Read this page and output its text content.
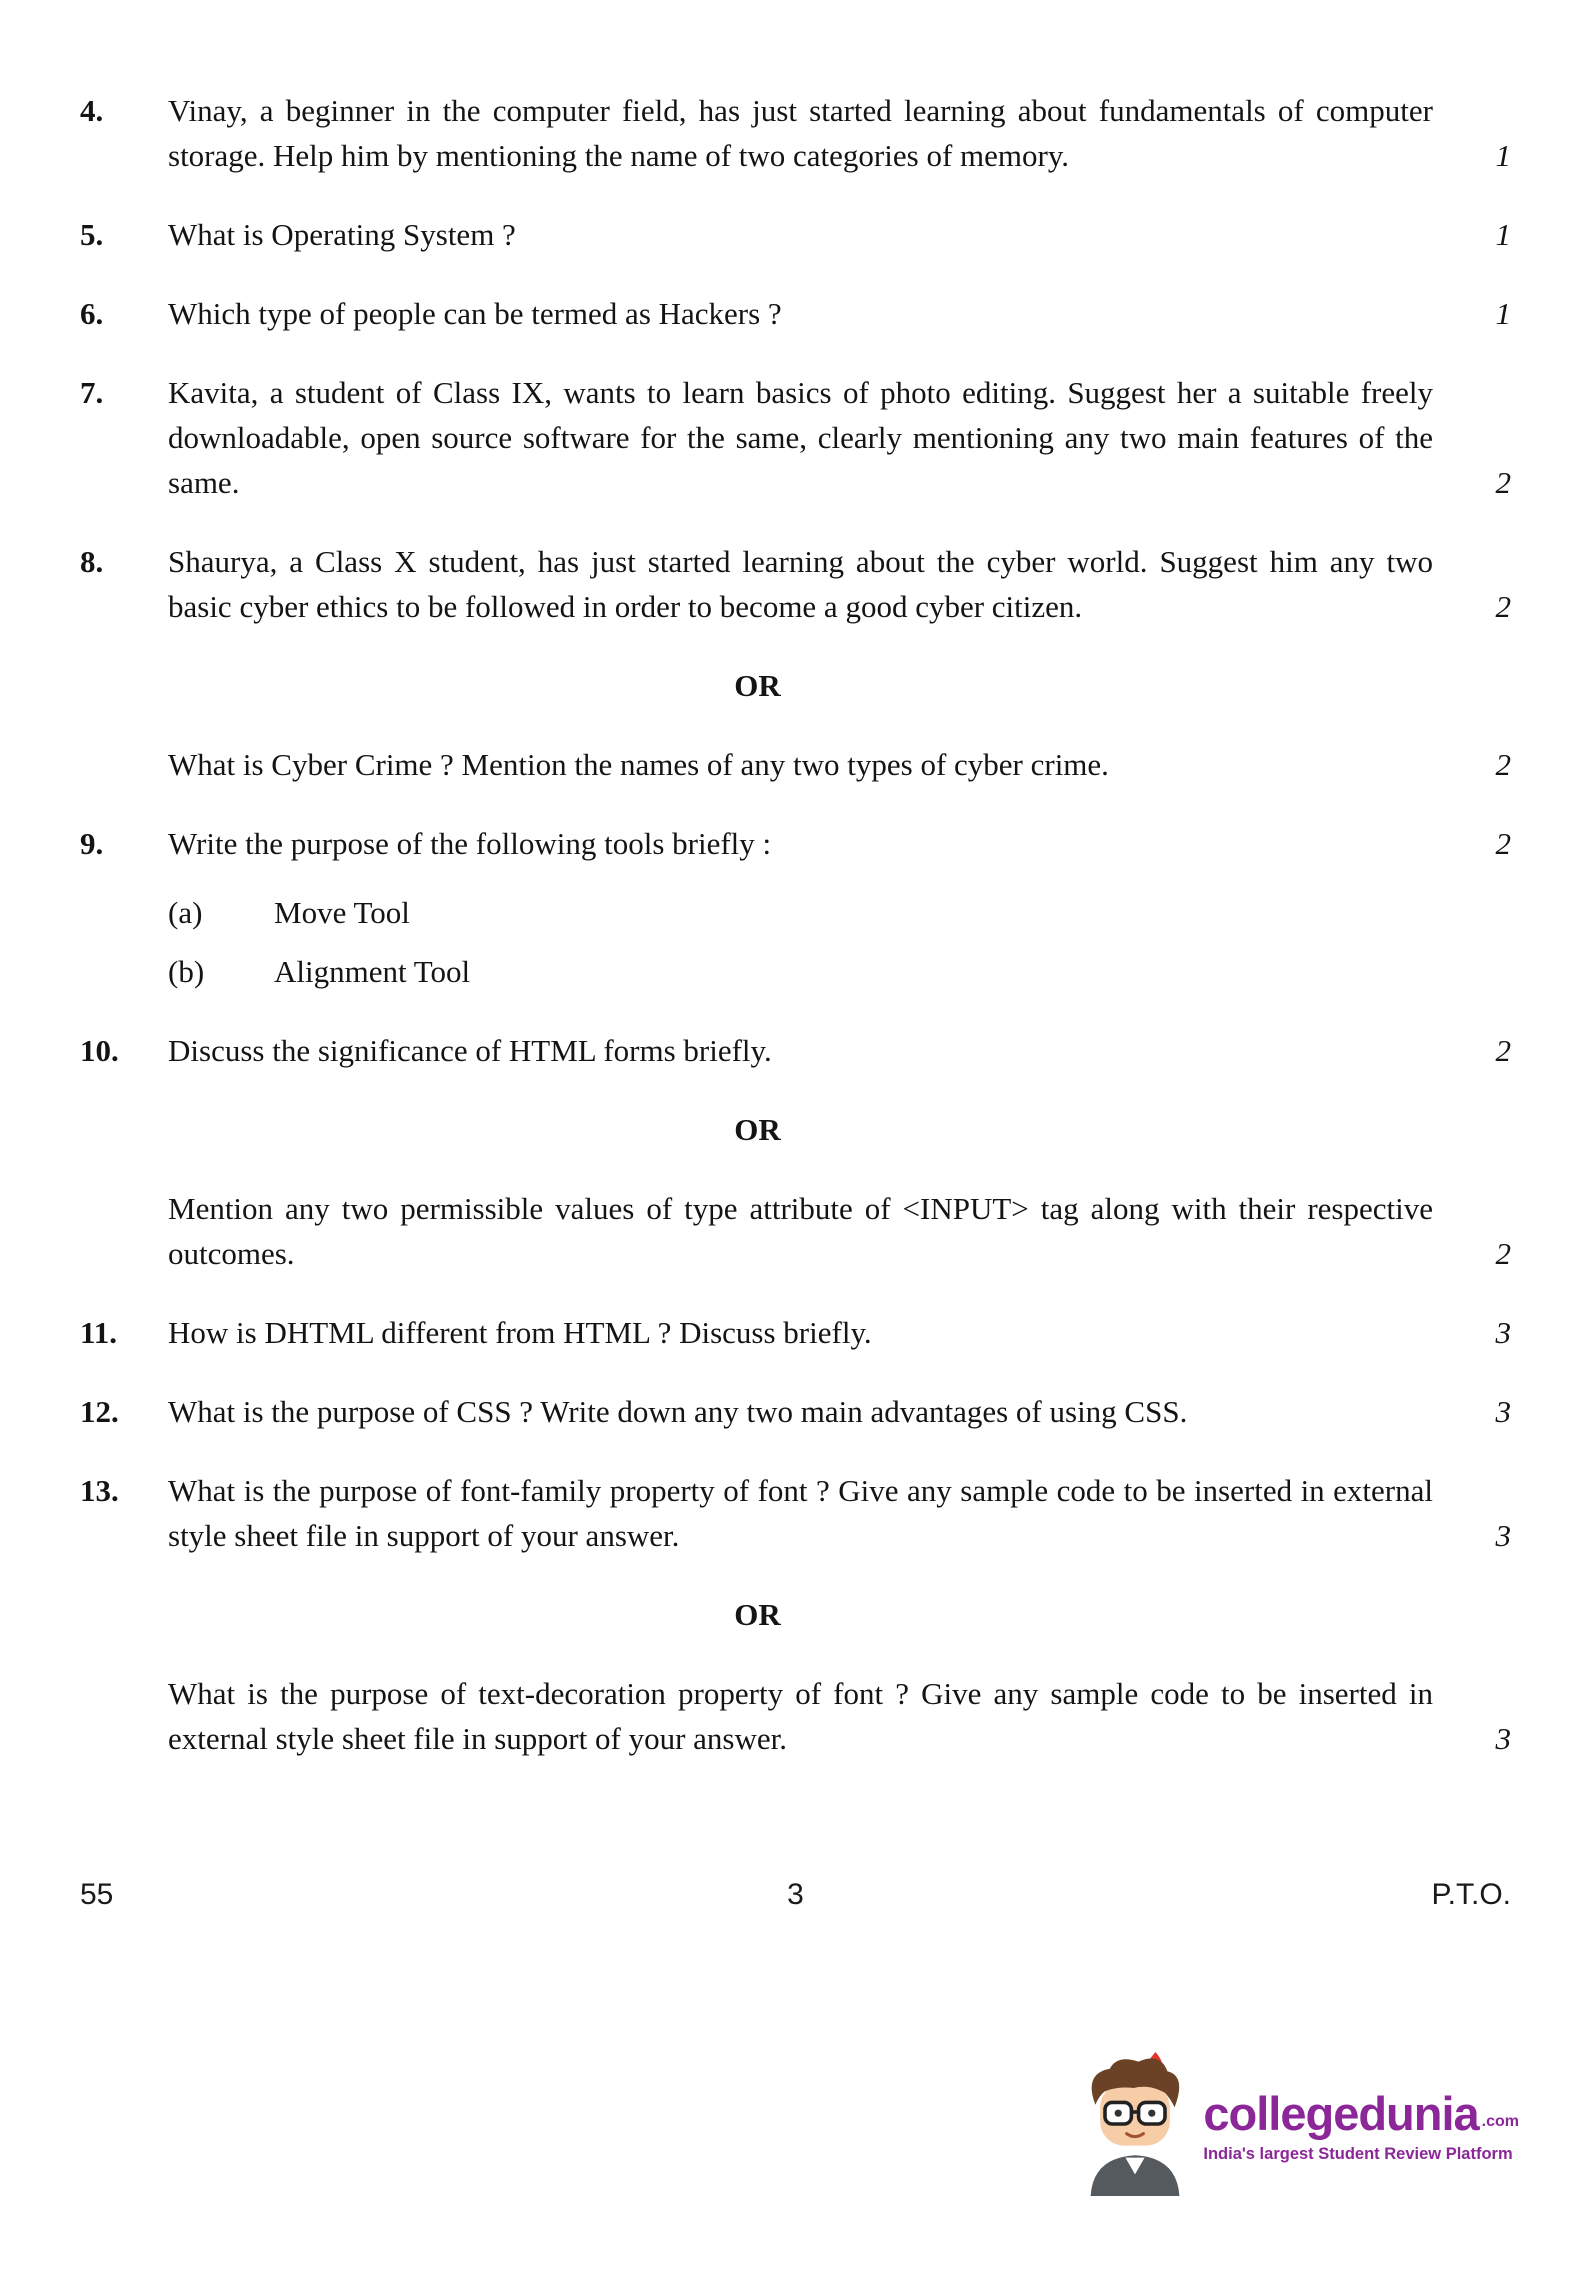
4.	Vinay, a beginner in the computer field, has just started learning about fundamentals of computer storage. Help him by mentioning the name of two categories of memory.	1
5.	What is Operating System ?	1
6.	Which type of people can be termed as Hackers ?	1
7.	Kavita, a student of Class IX, wants to learn basics of photo editing. Suggest her a suitable freely downloadable, open source software for the same, clearly mentioning any two main features of the same.	2
8.	Shaurya, a Class X student, has just started learning about the cyber world. Suggest him any two basic cyber ethics to be followed in order to become a good cyber citizen.	2
OR
What is Cyber Crime ? Mention the names of any two types of cyber crime.	2
9.	Write the purpose of the following tools briefly :	2
(a)	Move Tool
(b)	Alignment Tool
10.	Discuss the significance of HTML forms briefly.	2
OR
Mention any two permissible values of type attribute of <INPUT> tag along with their respective outcomes.	2
11.	How is DHTML different from HTML ? Discuss briefly.	3
12.	What is the purpose of CSS ? Write down any two main advantages of using CSS.	3
13.	What is the purpose of font-family property of font ? Give any sample code to be inserted in external style sheet file in support of your answer.	3
OR
What is the purpose of text-decoration property of font ? Give any sample code to be inserted in external style sheet file in support of your answer.	3
55	3	P.T.O.
collegedunia .com
India's largest Student Review Platform
